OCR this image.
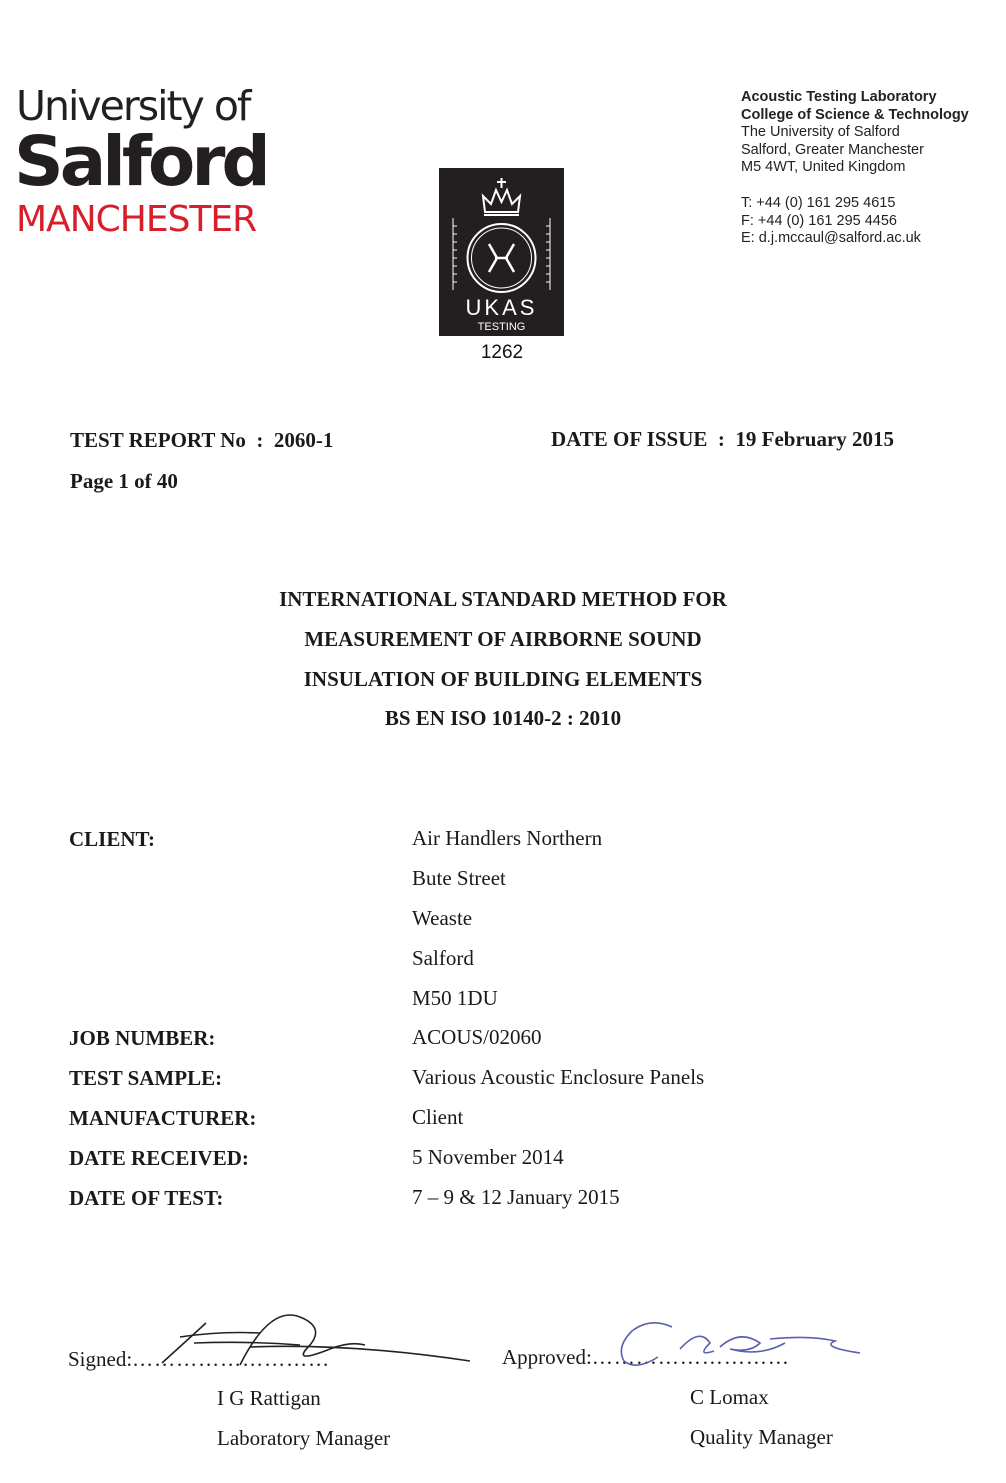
University of
Salford
MANCHESTER
UKAS
TESTING
1262
Acoustic Testing Laboratory
College of Science & Technology
The University of Salford
Salford, Greater Manchester
M5 4WT, United Kingdom
T: +44 (0) 161 295 4615
F: +44 (0) 161 295 4456
E: d.j.mccaul@salford.ac.uk
TEST REPORT No  :  2060-1	DATE OF ISSUE  :  19 February 2015
Page 1 of 40
INTERNATIONAL STANDARD METHOD FOR
MEASUREMENT OF AIRBORNE SOUND
INSULATION OF BUILDING ELEMENTS
BS EN ISO 10140-2 : 2010
CLIENT:	Air Handlers Northern
Bute Street
Weaste
Salford
M50 1DU
JOB NUMBER:	ACOUS/02060
TEST SAMPLE:	Various Acoustic Enclosure Panels
MANUFACTURER:	Client
DATE RECEIVED:	5 November 2014
DATE OF TEST:	7 – 9 & 12 January 2015
Signed:………………………
I G Rattigan
Laboratory Manager
Approved:………………………
C Lomax
Quality Manager
